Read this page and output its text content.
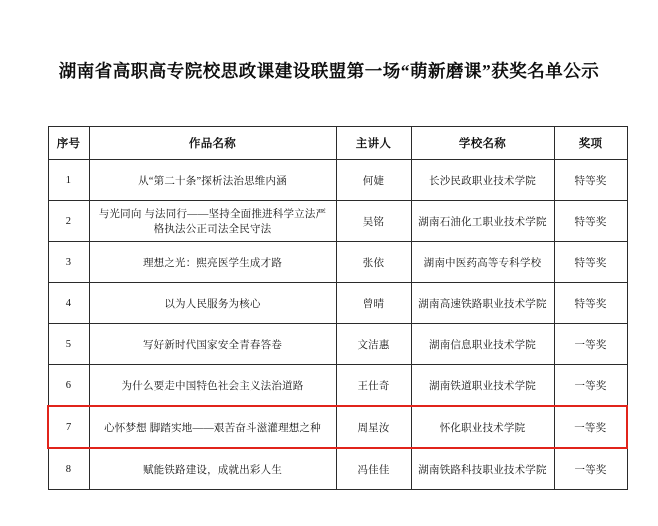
湖南省高职高专院校思政课建设联盟第一场“萌新磨课”获奖名单公示
序号	作品名称	主讲人	学校名称	奖项
1	从“第二十条”探析法治思维内涵	何婕	长沙民政职业技术学院	特等奖
2	与光同向 与法同行——坚持全面推进科学立法严格执法公正司法全民守法	吴铭	湖南石油化工职业技术学院	特等奖
3	理想之光：熙亮医学生成才路	张依	湖南中医药高等专科学校	特等奖
4	以为人民服务为核心	曾晴	湖南高速铁路职业技术学院	特等奖
5	写好新时代国家安全青春答卷	文洁惠	湖南信息职业技术学院	一等奖
6	为什么要走中国特色社会主义法治道路	王仕奇	湖南铁道职业技术学院	一等奖
7	心怀梦想 脚踏实地——艰苦奋斗滋灌理想之种	周星汝	怀化职业技术学院	一等奖
8	赋能铁路建设，成就出彩人生	冯佳佳	湖南铁路科技职业技术学院	一等奖
